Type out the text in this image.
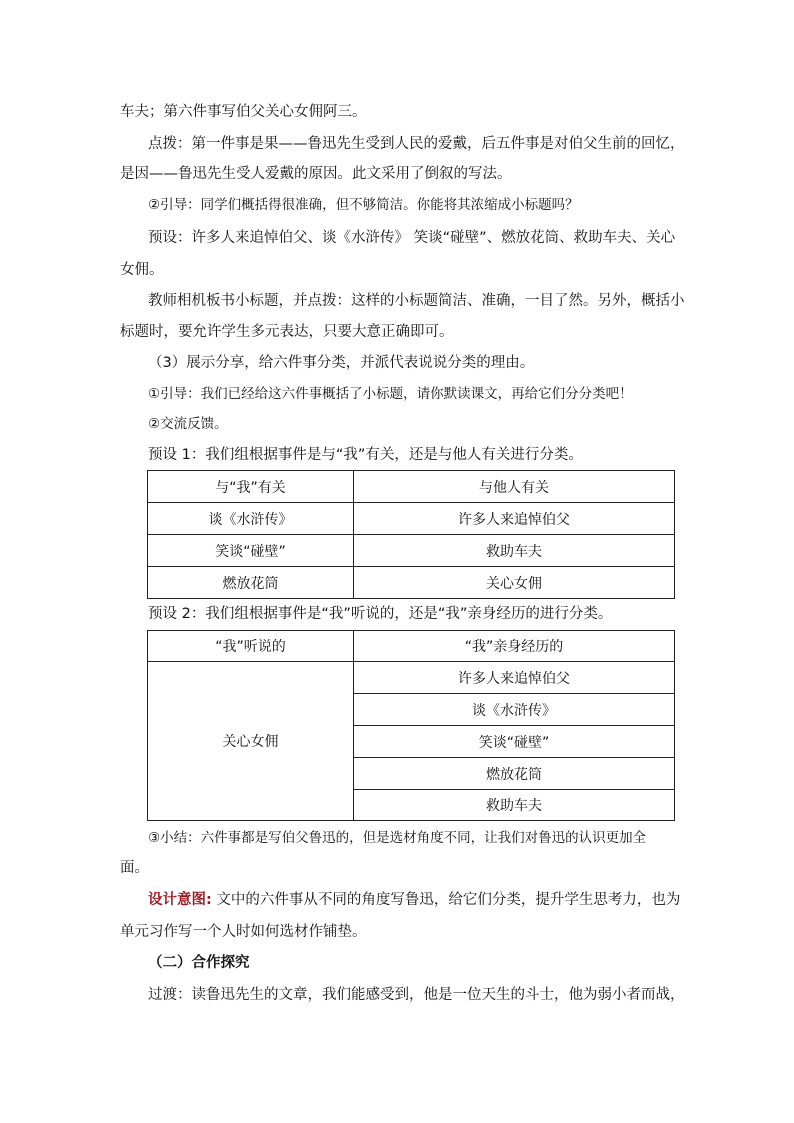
车夫；第六件事写伯父关心女佣阿三。
点拨：第一件事是果——鲁迅先生受到人民的爱戴，后五件事是对伯父生前的回忆，
是因——鲁迅先生受人爱戴的原因。此文采用了倒叙的写法。
②引导：同学们概括得很准确，但不够简洁。你能将其浓缩成小标题吗？
预设：许多人来追悼伯父、谈《水浒传》 笑谈“碰壁”、燃放花筒、救助车夫、关心
女佣。
教师相机板书小标题，并点拨：这样的小标题简洁、准确，一目了然。另外，概括小
标题时，要允许学生多元表达，只要大意正确即可。
（3）展示分享，给六件事分类，并派代表说说分类的理由。
①引导：我们已经给这六件事概括了小标题，请你默读课文，再给它们分分类吧！
②交流反馈。
预设 1：我们组根据事件是与“我”有关，还是与他人有关进行分类。
与“我”有关	与他人有关
谈《水浒传》	许多人来追悼伯父
笑谈“碰壁”	救助车夫
燃放花筒	关心女佣
预设 2：我们组根据事件是“我”听说的，还是“我”亲身经历的进行分类。
“我”听说的	“我”亲身经历的
关心女佣	许多人来追悼伯父
	谈《水浒传》
	笑谈“碰壁”
	燃放花筒
	救助车夫
③小结：六件事都是写伯父鲁迅的，但是选材角度不同，让我们对鲁迅的认识更加全
面。
设计意图: 文中的六件事从不同的角度写鲁迅，给它们分类，提升学生思考力，也为
单元习作写一个人时如何选材作铺垫。
（二）合作探究
过渡：读鲁迅先生的文章，我们能感受到，他是一位天生的斗士，他为弱小者而战，
